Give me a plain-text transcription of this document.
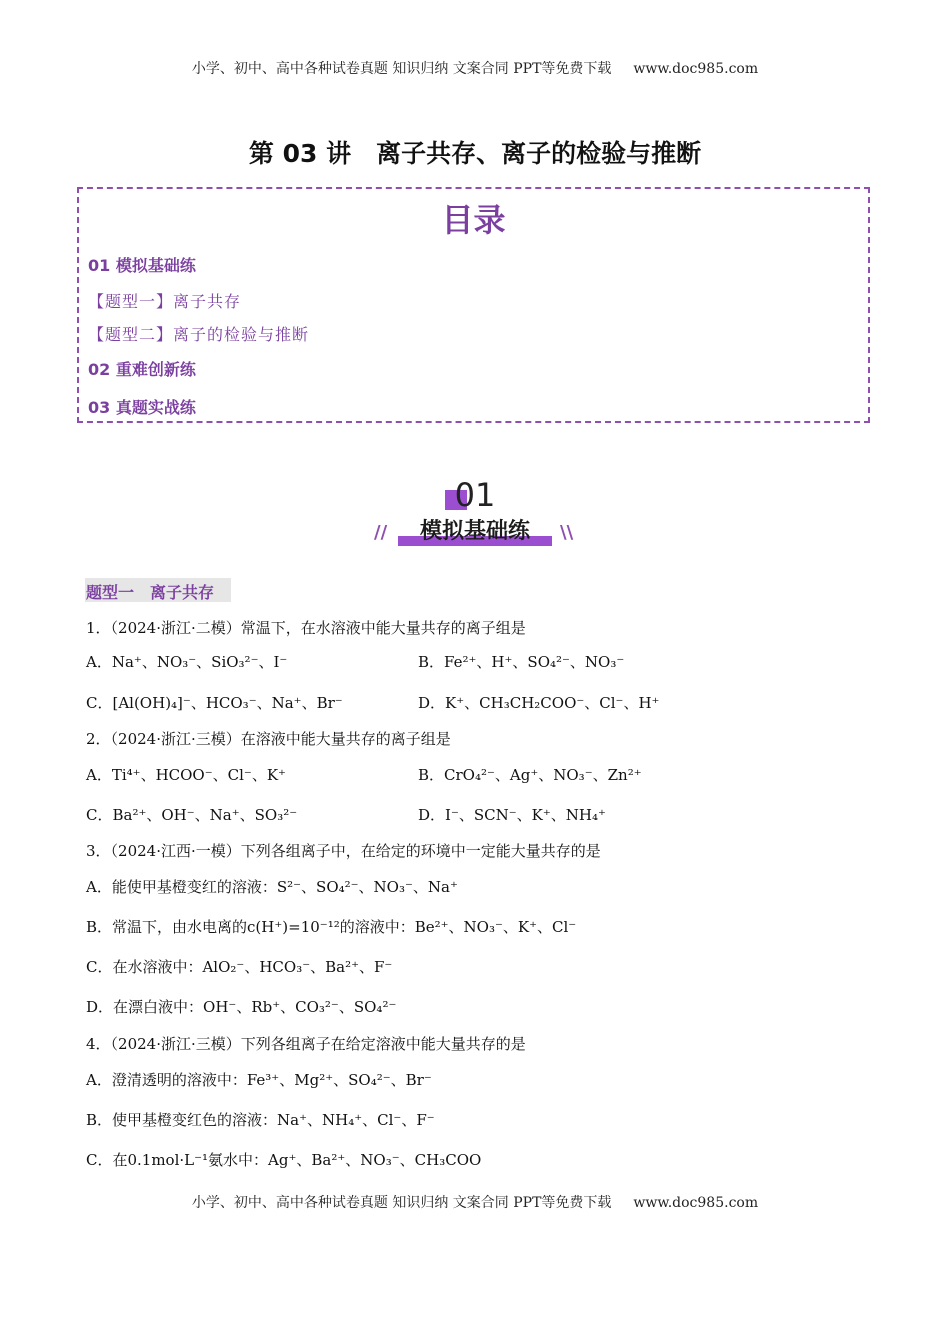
小学、初中、高中各种试卷真题 知识归纳 文案合同 PPT等免费下载 www.doc985.com
第 03 讲　离子共存、离子的检验与推断
目录
01 模拟基础练
【题型一】离子共存
【题型二】离子的检验与推断
02 重难创新练
03 真题实战练
01
模拟基础练
//	\\
题型一　离子共存
1．（2024·浙江·二模）常温下，在水溶液中能大量共存的离子组是
A．Na⁺、NO₃⁻、SiO₃²⁻、I⁻	B．Fe²⁺、H⁺、SO₄²⁻、NO₃⁻
C．[Al(OH)₄]⁻、HCO₃⁻、Na⁺、Br⁻	D．K⁺、CH₃CH₂COO⁻、Cl⁻、H⁺
2．（2024·浙江·三模）在溶液中能大量共存的离子组是
A．Ti⁴⁺、HCOO⁻、Cl⁻、K⁺	B．CrO₄²⁻、Ag⁺、NO₃⁻、Zn²⁺
C．Ba²⁺、OH⁻、Na⁺、SO₃²⁻	D．I⁻、SCN⁻、K⁺、NH₄⁺
3．（2024·江西·一模）下列各组离子中，在给定的环境中一定能大量共存的是
A．能使甲基橙变红的溶液：S²⁻、SO₄²⁻、NO₃⁻、Na⁺
B．常温下，由水电离的c(H⁺)=10⁻¹²的溶液中：Be²⁺、NO₃⁻、K⁺、Cl⁻
C．在水溶液中：AlO₂⁻、HCO₃⁻、Ba²⁺、F⁻
D．在漂白液中：OH⁻、Rb⁺、CO₃²⁻、SO₄²⁻
4．（2024·浙江·三模）下列各组离子在给定溶液中能大量共存的是
A．澄清透明的溶液中：Fe³⁺、Mg²⁺、SO₄²⁻、Br⁻
B．使甲基橙变红色的溶液：Na⁺、NH₄⁺、Cl⁻、F⁻
C．在0.1mol·L⁻¹氨水中：Ag⁺、Ba²⁺、NO₃⁻、CH₃COO
小学、初中、高中各种试卷真题 知识归纳 文案合同 PPT等免费下载 www.doc985.com
